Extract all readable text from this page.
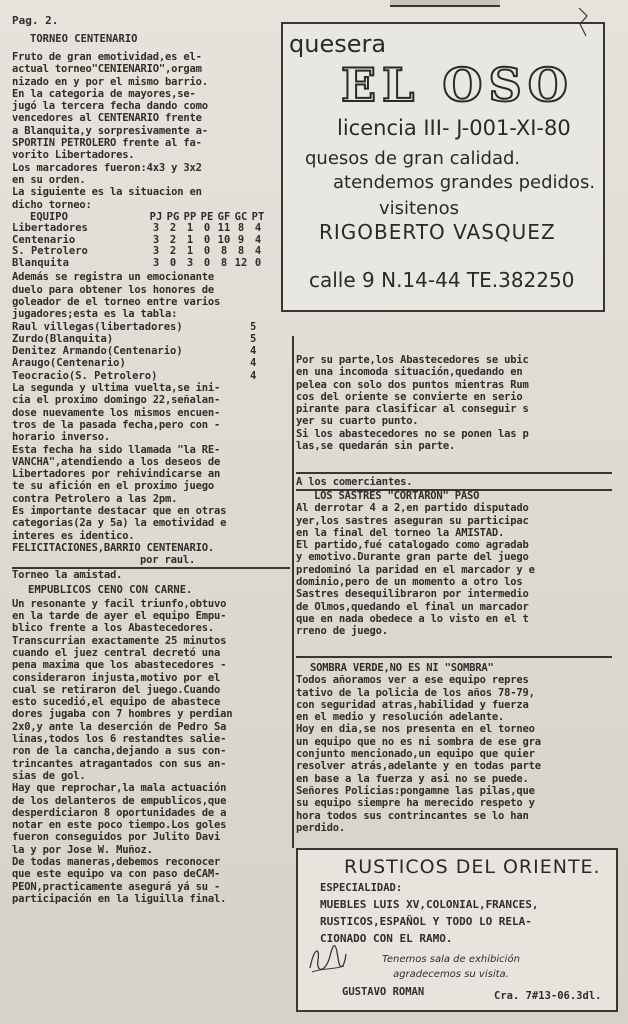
Pag. 2.
TORNEO CENTENARIO

Fruto de gran emotividad,es el-
actual torneo"CENIENARIO",orgam
nizado en y por el mismo barrio.
En la categoria de mayores,se-
jugó la tercera fecha dando como
vencedores al CENTENARIO frente
a Blanquita,y sorpresivamente a-
SPORTIN PETROLERO frente al fa-
vorito Libertadores.
Los marcadores fueron:4x3 y 3x2
en su orden.
La siguiente es la situacion en
dicho torneo:

EQUIPO	PJ	PG	PP	PE	GF	GC	PT
Libertadores	3	2	1	0	11	8	4
Centenario	3	2	1	0	10	9	4
S. Petrolero	3	2	1	0	8	8	4
Blanquita	3	0	3	0	8	12	0

Además se registra un emocionante
duelo para obtener los honores de
goleador de el torneo entre varios
jugadores;esta es la tabla:

Raul villegas(libertadores)	5
Zurdo(Blanquita)	5
Denitez Armando(Centenario)	4
Araugo(Centenario)	4
Teocracio(S. Petrolero)	4

La segunda y ultima vuelta,se ini-
cia el proximo domingo 22,señalan-
dose nuevamente los mismos encuen-
tros de la pasada fecha,pero con -
horario inverso.
Esta fecha ha sido llamada "la RE-
VANCHA",atendiendo a los deseos de
Libertadores por rehivindicarse an
te su afición en el proximo juego
contra Petrolero a las 2pm.
Es importante destacar que en otras
categorias(2a y 5a) la emotividad e
interes es identico.
FELICITACIONES,BARRIO CENTENARIO.

por raul.
Torneo la amistad.
EMPUBLICOS CENO CON CARNE.

Un resonante y facil triunfo,obtuvo
en la tarde de ayer el equipo Empu-
blico frente a los Abastecedores.
Transcurrian exactamente 25 minutos
cuando el juez central decretó una
pena maxima que los abastecedores -
consideraron injusta,motivo por el
cual se retiraron del juego.Cuando
esto sucedió,el equipo de abastece
dores jugaba con 7 hombres y perdian
2x0,y ante la deserción de Pedro Sa
linas,todos los 6 restandtes salie-
ron de la cancha,dejando a sus con-
trincantes atragantados con sus an-
sias de gol.
Hay que reprochar,la mala actuación
de los delanteros de empublicos,que
desperdiciaron 8 oportunidades de a
notar en este poco tiempo.Los goles
fueron conseguidos por Julito Davi
la y por Jose W. Muñoz.
De todas maneras,debemos reconocer
que este equipo va con paso deCAM-
PEON,practicamente asegurá yá su -
participación en la liguilla final.

quesera
EL OSO
licencia III- J-001-XI-80
quesos de gran calidad.
atendemos grandes pedidos.
visitenos
RIGOBERTO VASQUEZ
calle 9 N.14-44 TE.382250

Por su parte,los Abastecedores se ubic
en una incomoda situación,quedando en
pelea con solo dos puntos mientras Rum
cos del oriente se convierte en serio
pirante para clasificar al conseguir s
yer su cuarto punto.
Si los abastecedores no se ponen las p
las,se quedarán sin parte.

A los comerciantes.
LOS SASTRES "CORTARON" PASO

Al derrotar 4 a 2,en partido disputado
yer,los sastres aseguran su participac
en la final del torneo la AMISTAD.
El partido,fué catalogado como agradab
y emotivo.Durante gran parte del juego
predominó la paridad en el marcador y e
dominio,pero de un momento a otro los
Sastres desequilibraron por intermedio
de Olmos,quedando el final un marcador
que en nada obedece a lo visto en el t
rreno de juego.

SOMBRA VERDE,NO ES NI "SOMBRA"

Todos añoramos ver a ese equipo repres
tativo de la policia de los años 78-79,
con seguridad atras,habilidad y fuerza
en el medio y resolución adelante.
Hoy en dia,se nos presenta en el torneo
un equipo que no es ni sombra de ese gra
conjunto mencionado,un equipo que quier
resolver atrás,adelante y en todas parte
en base a la fuerza y asi no se puede.
Señores Policias:pongamne las pilas,que
su equipo siempre ha merecido respeto y
hora todos sus contrincantes se lo han
perdido.

RUSTICOS DEL ORIENTE.
ESPECIALIDAD:
MUEBLES LUIS XV,COLONIAL,FRANCES,
RUSTICOS,ESPAÑOL Y TODO LO RELA-
CIONADO CON EL RAMO.
Tenemos sala de exhibición
agradecemos su visita.
GUSTAVO ROMAN	Cra. 7#13-06.3dl.
